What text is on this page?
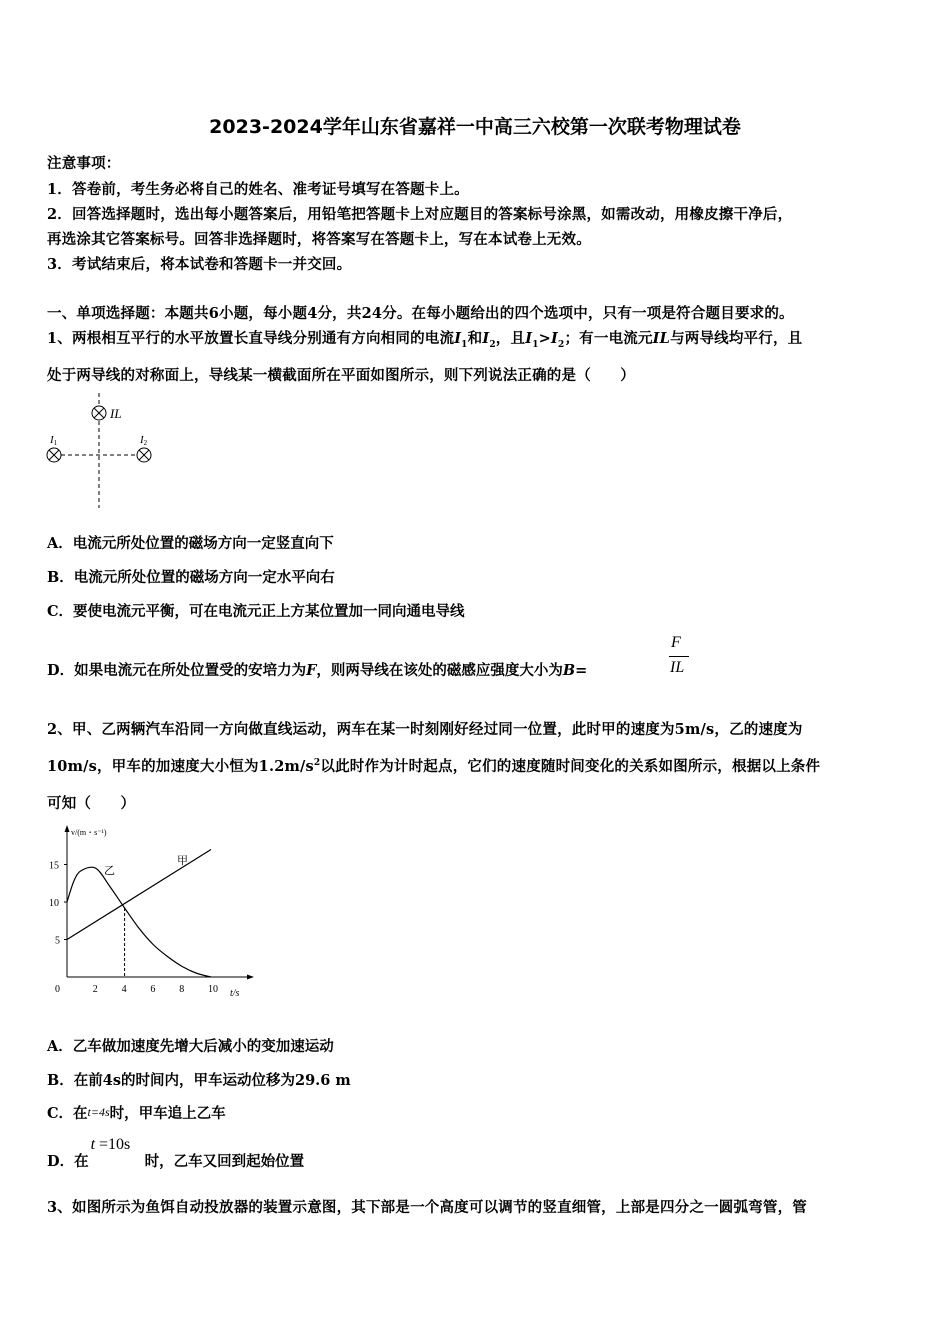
2023-2024学年山东省嘉祥一中高三六校第一次联考物理试卷
注意事项：
1．答卷前，考生务必将自己的姓名、准考证号填写在答题卡上。
2．回答选择题时，选出每小题答案后，用铅笔把答题卡上对应题目的答案标号涂黑，如需改动，用橡皮擦干净后，
再选涂其它答案标号。回答非选择题时，将答案写在答题卡上，写在本试卷上无效。
3．考试结束后，将本试卷和答题卡一并交回。
一、单项选择题：本题共6小题，每小题4分，共24分。在每小题给出的四个选项中，只有一项是符合题目要求的。
1、两根相互平行的水平放置长直导线分别通有方向相同的电流$I_1$和$I_2$，且$I_1>I_2$；有一电流元IL与两导线均平行，且
处于两导线的对称面上，导线某一横截面所在平面如图所示，则下列说法正确的是（　　）
IL
I1	I2
A．电流元所处位置的磁场方向一定竖直向下
B．电流元所处位置的磁场方向一定水平向右
C．要使电流元平衡，可在电流元正上方某位置加一同向通电导线
D．如果电流元在所处位置受的安培力为F，则两导线在该处的磁感应强度大小为B=
F
IL
2、甲、乙两辆汽车沿同一方向做直线运动，两车在某一时刻刚好经过同一位置，此时甲的速度为5m/s，乙的速度为
10m/s，甲车的加速度大小恒为$1.2m/s^2$以此时作为计时起点，它们的速度随时间变化的关系如图所示，根据以上条件
可知（　　）
v/(m・s⁻¹)
t/s
0	2 4 6 8 10
5
10
15	乙
甲
A．乙车做加速度先增大后减小的变加速运动
B．在前4s的时间内，甲车运动位移为29.6 m
C．在t=4s时，甲车追上乙车
D．在
t =10s
时，乙车又回到起始位置
3、如图所示为鱼饵自动投放器的装置示意图，其下部是一个高度可以调节的竖直细管，上部是四分之一圆弧弯管，管
